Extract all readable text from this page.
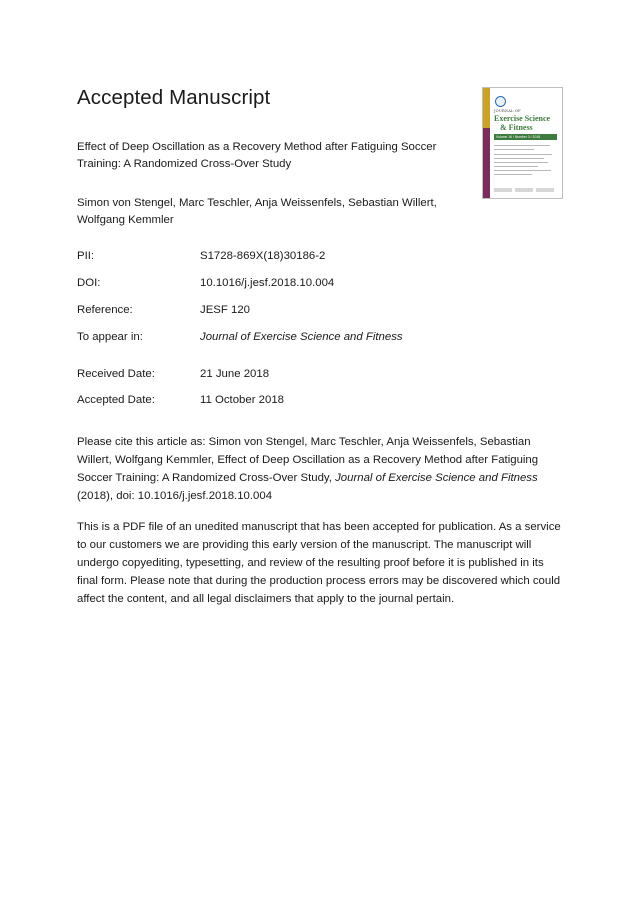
Accepted Manuscript
JOURNAL OF
Exercise Science
& Fitness
Volume 16 / Number 3 / 2018
Effect of Deep Oscillation as a Recovery Method after Fatiguing Soccer Training: A Randomized Cross-Over Study
Simon von Stengel, Marc Teschler, Anja Weissenfels, Sebastian Willert, Wolfgang Kemmler
PII:	S1728-869X(18)30186-2
DOI:	10.1016/j.jesf.2018.10.004
Reference:	JESF 120
To appear in:	Journal of Exercise Science and Fitness
Received Date:	21 June 2018
Accepted Date:	11 October 2018
Please cite this article as: Simon von Stengel, Marc Teschler, Anja Weissenfels, Sebastian Willert, Wolfgang Kemmler, Effect of Deep Oscillation as a Recovery Method after Fatiguing Soccer Training: A Randomized Cross-Over Study, Journal of Exercise Science and Fitness (2018), doi: 10.1016/j.jesf.2018.10.004
This is a PDF file of an unedited manuscript that has been accepted for publication. As a service to our customers we are providing this early version of the manuscript. The manuscript will undergo copyediting, typesetting, and review of the resulting proof before it is published in its final form. Please note that during the production process errors may be discovered which could affect the content, and all legal disclaimers that apply to the journal pertain.
